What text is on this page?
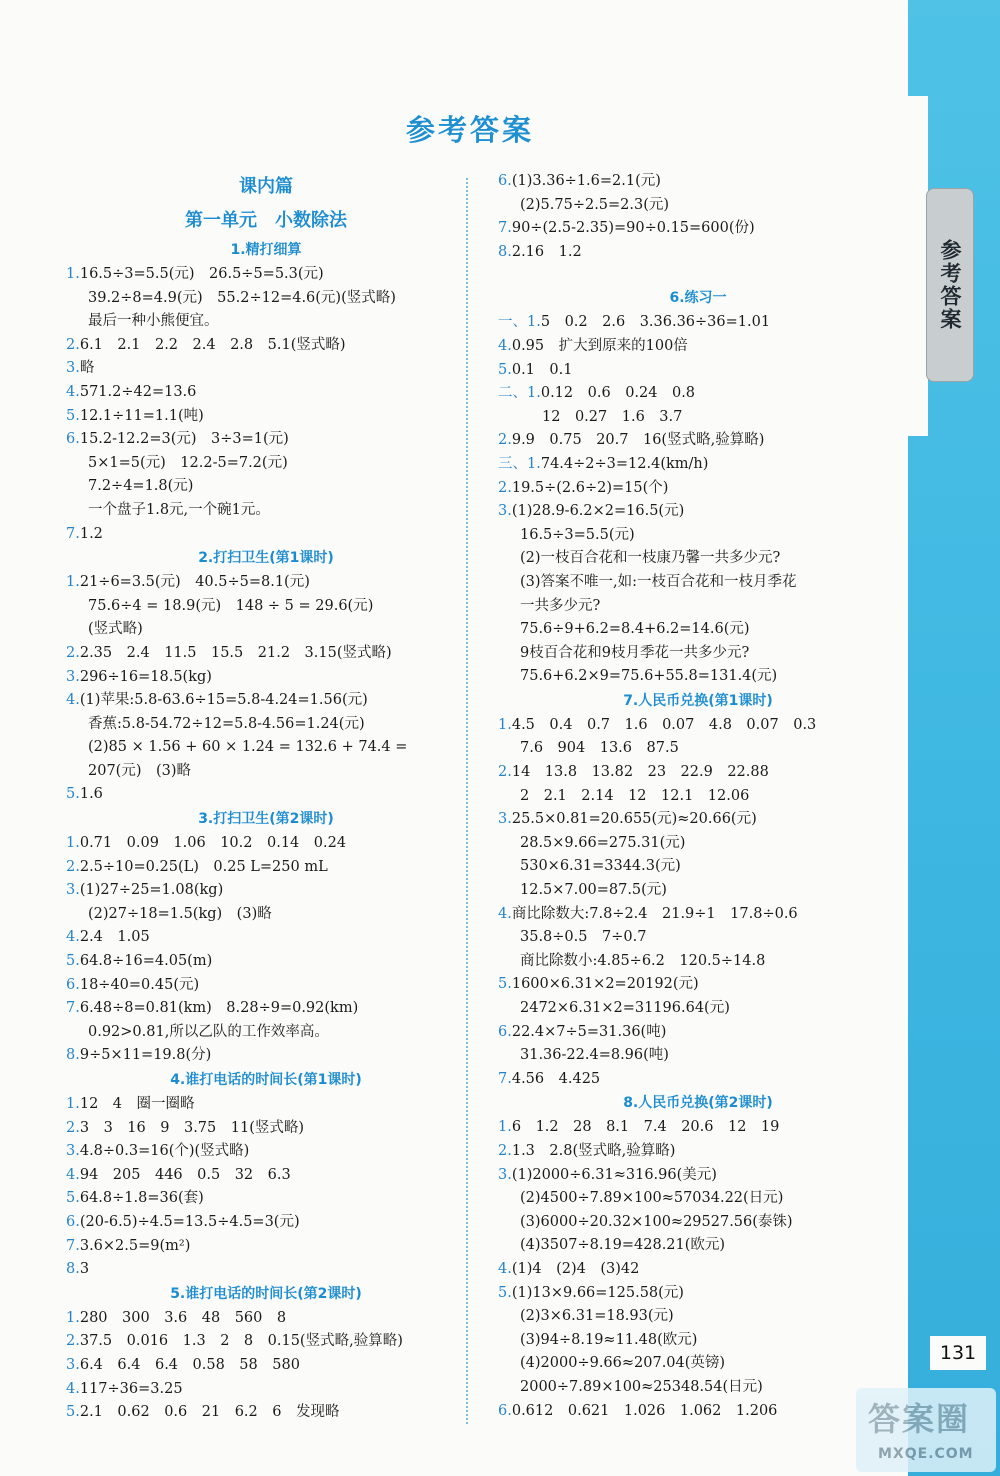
参考答案
参考答案
课内篇
第一单元　小数除法
1.精打细算
1.16.5÷3=5.5(元)　26.5÷5=5.3(元)
39.2÷8=4.9(元)　55.2÷12=4.6(元)(竖式略)
最后一种小熊便宜。
2.6.1　2.1　2.2　2.4　2.8　5.1(竖式略)
3.略
4.571.2÷42=13.6
5.12.1÷11=1.1(吨)
6.15.2-12.2=3(元)　3÷3=1(元)
5×1=5(元)　12.2-5=7.2(元)
7.2÷4=1.8(元)
一个盘子1.8元,一个碗1元。
7.1.2
2.打扫卫生(第1课时)
1.21÷6=3.5(元)　40.5÷5=8.1(元)
75.6÷4 = 18.9(元)　148 ÷ 5 = 29.6(元)
(竖式略)
2.2.35　2.4　11.5　15.5　21.2　3.15(竖式略)
3.296÷16=18.5(kg)
4.(1)苹果:5.8-63.6÷15=5.8-4.24=1.56(元)
香蕉:5.8-54.72÷12=5.8-4.56=1.24(元)
(2)85 × 1.56 + 60 × 1.24 = 132.6 + 74.4 =
207(元)　(3)略
5.1.6
3.打扫卫生(第2课时)
1.0.71　0.09　1.06　10.2　0.14　0.24
2.2.5÷10=0.25(L)　0.25 L=250 mL
3.(1)27÷25=1.08(kg)
(2)27÷18=1.5(kg)　(3)略
4.2.4　1.05
5.64.8÷16=4.05(m)
6.18÷40=0.45(元)
7.6.48÷8=0.81(km)　8.28÷9=0.92(km)
0.92>0.81,所以乙队的工作效率高。
8.9÷5×11=19.8(分)
4.谁打电话的时间长(第1课时)
1.12　4　圈一圈略
2.3　3　16　9　3.75　11(竖式略)
3.4.8÷0.3=16(个)(竖式略)
4.94　205　446　0.5　32　6.3
5.64.8÷1.8=36(套)
6.(20-6.5)÷4.5=13.5÷4.5=3(元)
7.3.6×2.5=9(m²)
8.3
5.谁打电话的时间长(第2课时)
1.280　300　3.6　48　560　8
2.37.5　0.016　1.3　2　8　0.15(竖式略,验算略)
3.6.4　6.4　6.4　0.58　58　580
4.117÷36=3.25
5.2.1　0.62　0.6　21　6.2　6　发现略
6.(1)3.36÷1.6=2.1(元)
(2)5.75÷2.5=2.3(元)
7.90÷(2.5-2.35)=90÷0.15=600(份)
8.2.16　1.2
6.练习一
一、1.5　0.2　2.6　3.36.36÷36=1.01
4.0.95　扩大到原来的100倍
5.0.1　0.1
二、1.0.12　0.6　0.24　0.8
12　0.27　1.6　3.7
2.9.9　0.75　20.7　16(竖式略,验算略)
三、1.74.4÷2÷3=12.4(km/h)
2.19.5÷(2.6÷2)=15(个)
3.(1)28.9-6.2×2=16.5(元)
16.5÷3=5.5(元)
(2)一枝百合花和一枝康乃馨一共多少元?
(3)答案不唯一,如:一枝百合花和一枝月季花
一共多少元?
75.6÷9+6.2=8.4+6.2=14.6(元)
9枝百合花和9枝月季花一共多少元?
75.6+6.2×9=75.6+55.8=131.4(元)
7.人民币兑换(第1课时)
1.4.5　0.4　0.7　1.6　0.07　4.8　0.07　0.3
7.6　904　13.6　87.5
2.14　13.8　13.82　23　22.9　22.88
2　2.1　2.14　12　12.1　12.06
3.25.5×0.81=20.655(元)≈20.66(元)
28.5×9.66=275.31(元)
530×6.31=3344.3(元)
12.5×7.00=87.5(元)
4.商比除数大:7.8÷2.4　21.9÷1　17.8÷0.6
35.8÷0.5　7÷0.7
商比除数小:4.85÷6.2　120.5÷14.8
5.1600×6.31×2=20192(元)
2472×6.31×2=31196.64(元)
6.22.4×7÷5=31.36(吨)
31.36-22.4=8.96(吨)
7.4.56　4.425
8.人民币兑换(第2课时)
1.6　1.2　28　8.1　7.4　20.6　12　19
2.1.3　2.8(竖式略,验算略)
3.(1)2000÷6.31≈316.96(美元)
(2)4500÷7.89×100≈57034.22(日元)
(3)6000÷20.32×100≈29527.56(泰铢)
(4)3507÷8.19=428.21(欧元)
4.(1)4　(2)4　(3)42
5.(1)13×9.66=125.58(元)
(2)3×6.31=18.93(元)
(3)94÷8.19≈11.48(欧元)
(4)2000÷9.66≈207.04(英镑)
2000÷7.89×100≈25348.54(日元)
6.0.612　0.621　1.026　1.062　1.206
131
答案圈
MXQE.COM
